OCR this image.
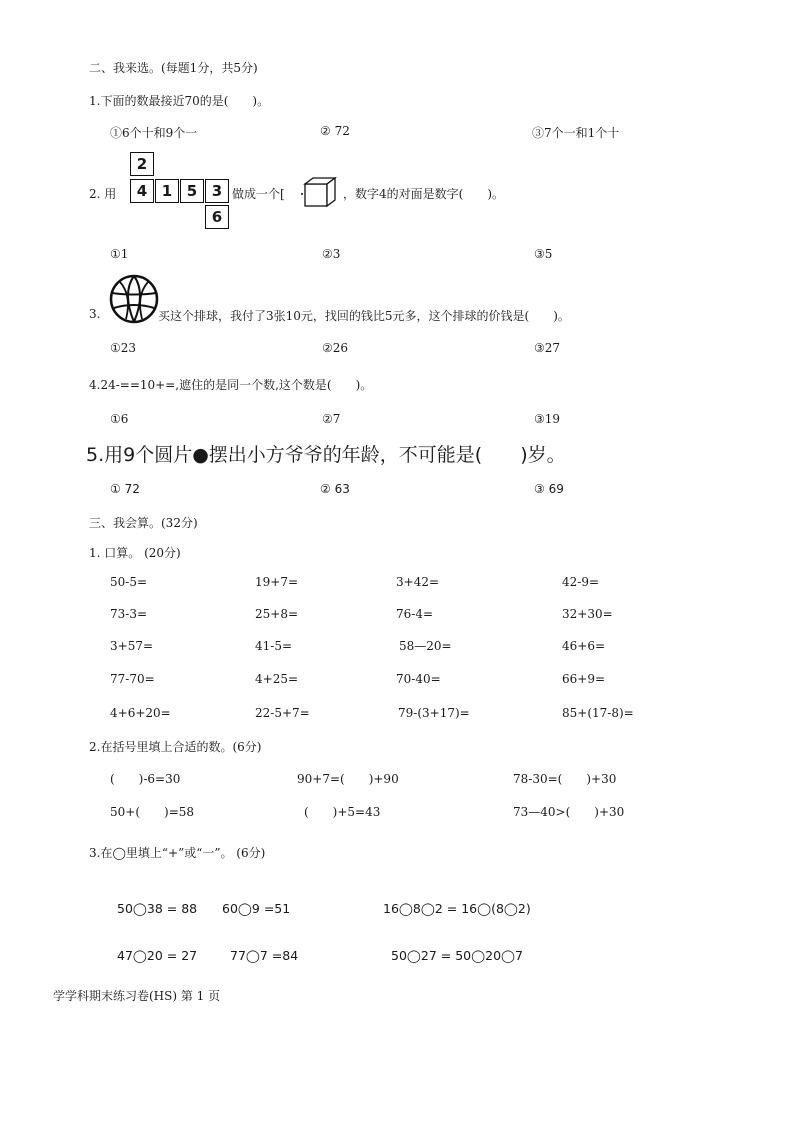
二、我来选。(每题1分，共5分)
1.下面的数最接近70的是(　　)。
①6个十和9个一	② 72	③7个一和1个十
2. 用
2
4 1 5 3
6
做成一个[	，数字4的对面是数字(　　)。
①1	②3	③5
3.	买这个排球，我付了3张10元，找回的钱比5元多，这个排球的价钱是(　　)。
①23	②26	③27
4.24-==10+=,遮住的是同一个数,这个数是(　　)。
①6	②7	③19
5.用9个圆片●摆出小方爷爷的年龄，不可能是(　　)岁。
① 72	② 63	③ 69
三、我会算。(32分)
1. 口算。 (20分)
50-5=	19+7=	3+42=	42-9=
73-3=	25+8=	76-4=	32+30=
3+57=	41-5=	58—20=	46+6=
77-70=	4+25=	70-40=	66+9=
4+6+20=	22-5+7=	79-(3+17)=	85+(17-8)=
2.在括号里填上合适的数。(6分)
(　　)-6=30	90+7=(　　)+90	78-30=(　　)+30
50+(　　)=58	(　　)+5=43	73—40>(　　)+30
3.在◯里填上“+”或“一”。 (6分)
50◯38 = 88 60◯9 =51	16◯8◯2 = 16◯(8◯2)
47◯20 = 27	77◯7 =84	50◯27 = 50◯20◯7
学学科期末练习卷(HS) 第 1 页
